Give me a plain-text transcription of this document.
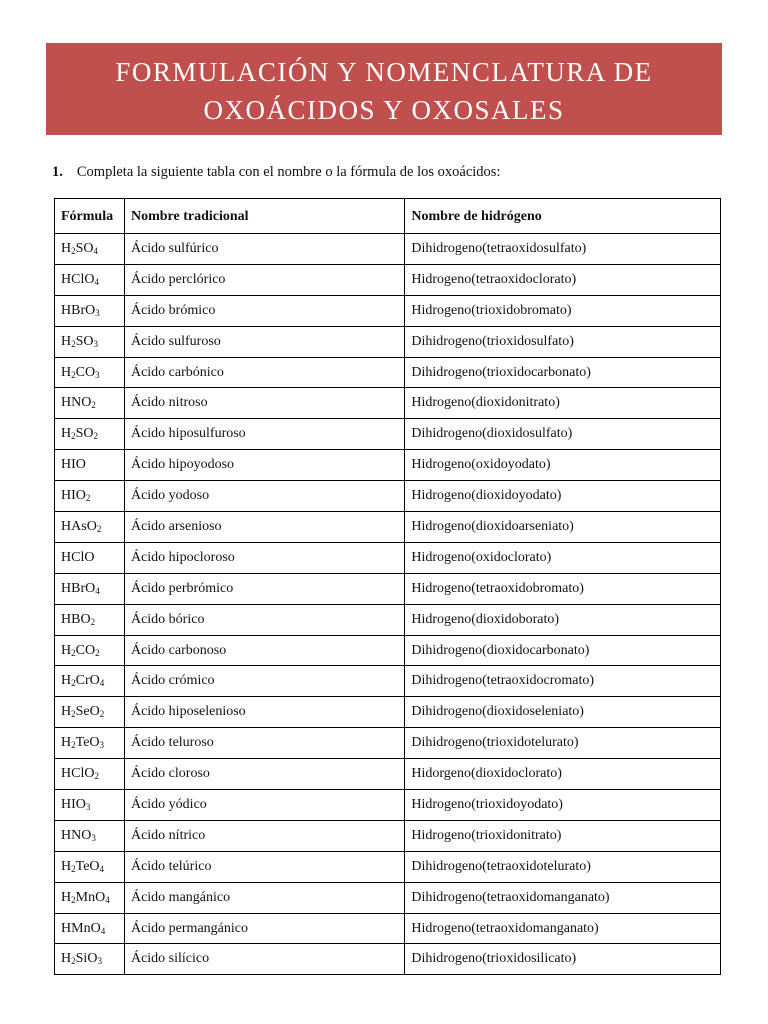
FORMULACIÓN Y NOMENCLATURA DE
OXOÁCIDOS Y OXOSALES
1. Completa la siguiente tabla con el nombre o la fórmula de los oxoácidos:
Fórmula	Nombre tradicional	Nombre de hidrógeno
$H_2SO_4$	Ácido sulfúrico	Dihidrogeno(tetraoxidosulfato)
HClO$_4$	Ácido perclórico	Hidrogeno(tetraoxidoclorato)
HBrO$_3$	Ácido brómico	Hidrogeno(trioxidobromato)
$H_2SO_3$	Ácido sulfuroso	Dihidrogeno(trioxidosulfato)
$H_2CO_3$	Ácido carbónico	Dihidrogeno(trioxidocarbonato)
$HNO_2$	Ácido nitroso	Hidrogeno(dioxidonitrato)
$H_2SO_2$	Ácido hiposulfuroso	Dihidrogeno(dioxidosulfato)
HIO	Ácido hipoyodoso	Hidrogeno(oxidoyodato)
$HIO_2$	Ácido yodoso	Hidrogeno(dioxidoyodato)
HAsO$_2$	Ácido arsenioso	Hidrogeno(dioxidoarseniato)
HClO	Ácido hipocloroso	Hidrogeno(oxidoclorato)
HBrO$_4$	Ácido perbrómico	Hidrogeno(tetraoxidobromato)
$HBO_2$	Ácido bórico	Hidrogeno(dioxidoborato)
$H_2CO_2$	Ácido carbonoso	Dihidrogeno(dioxidocarbonato)
$H_2CrO_4$	Ácido crómico	Dihidrogeno(tetraoxidocromato)
$H_2SeO_2$	Ácido hiposelenioso	Dihidrogeno(dioxidoseleniato)
$H_2TeO_3$	Ácido teluroso	Dihidrogeno(trioxidotelurato)
HClO$_2$	Ácido cloroso	Hidorgeno(dioxidoclorato)
$HIO_3$	Ácido yódico	Hidrogeno(trioxidoyodato)
$HNO_3$	Ácido nítrico	Hidrogeno(trioxidonitrato)
$H_2TeO_4$	Ácido telúrico	Dihidrogeno(tetraoxidotelurato)
$H_2MnO_4$	Ácido mangánico	Dihidrogeno(tetraoxidomanganato)
HMnO$_4$	Ácido permangánico	Hidrogeno(tetraoxidomanganato)
$H_2SiO_3$	Ácido silícico	Dihidrogeno(trioxidosilicato)
